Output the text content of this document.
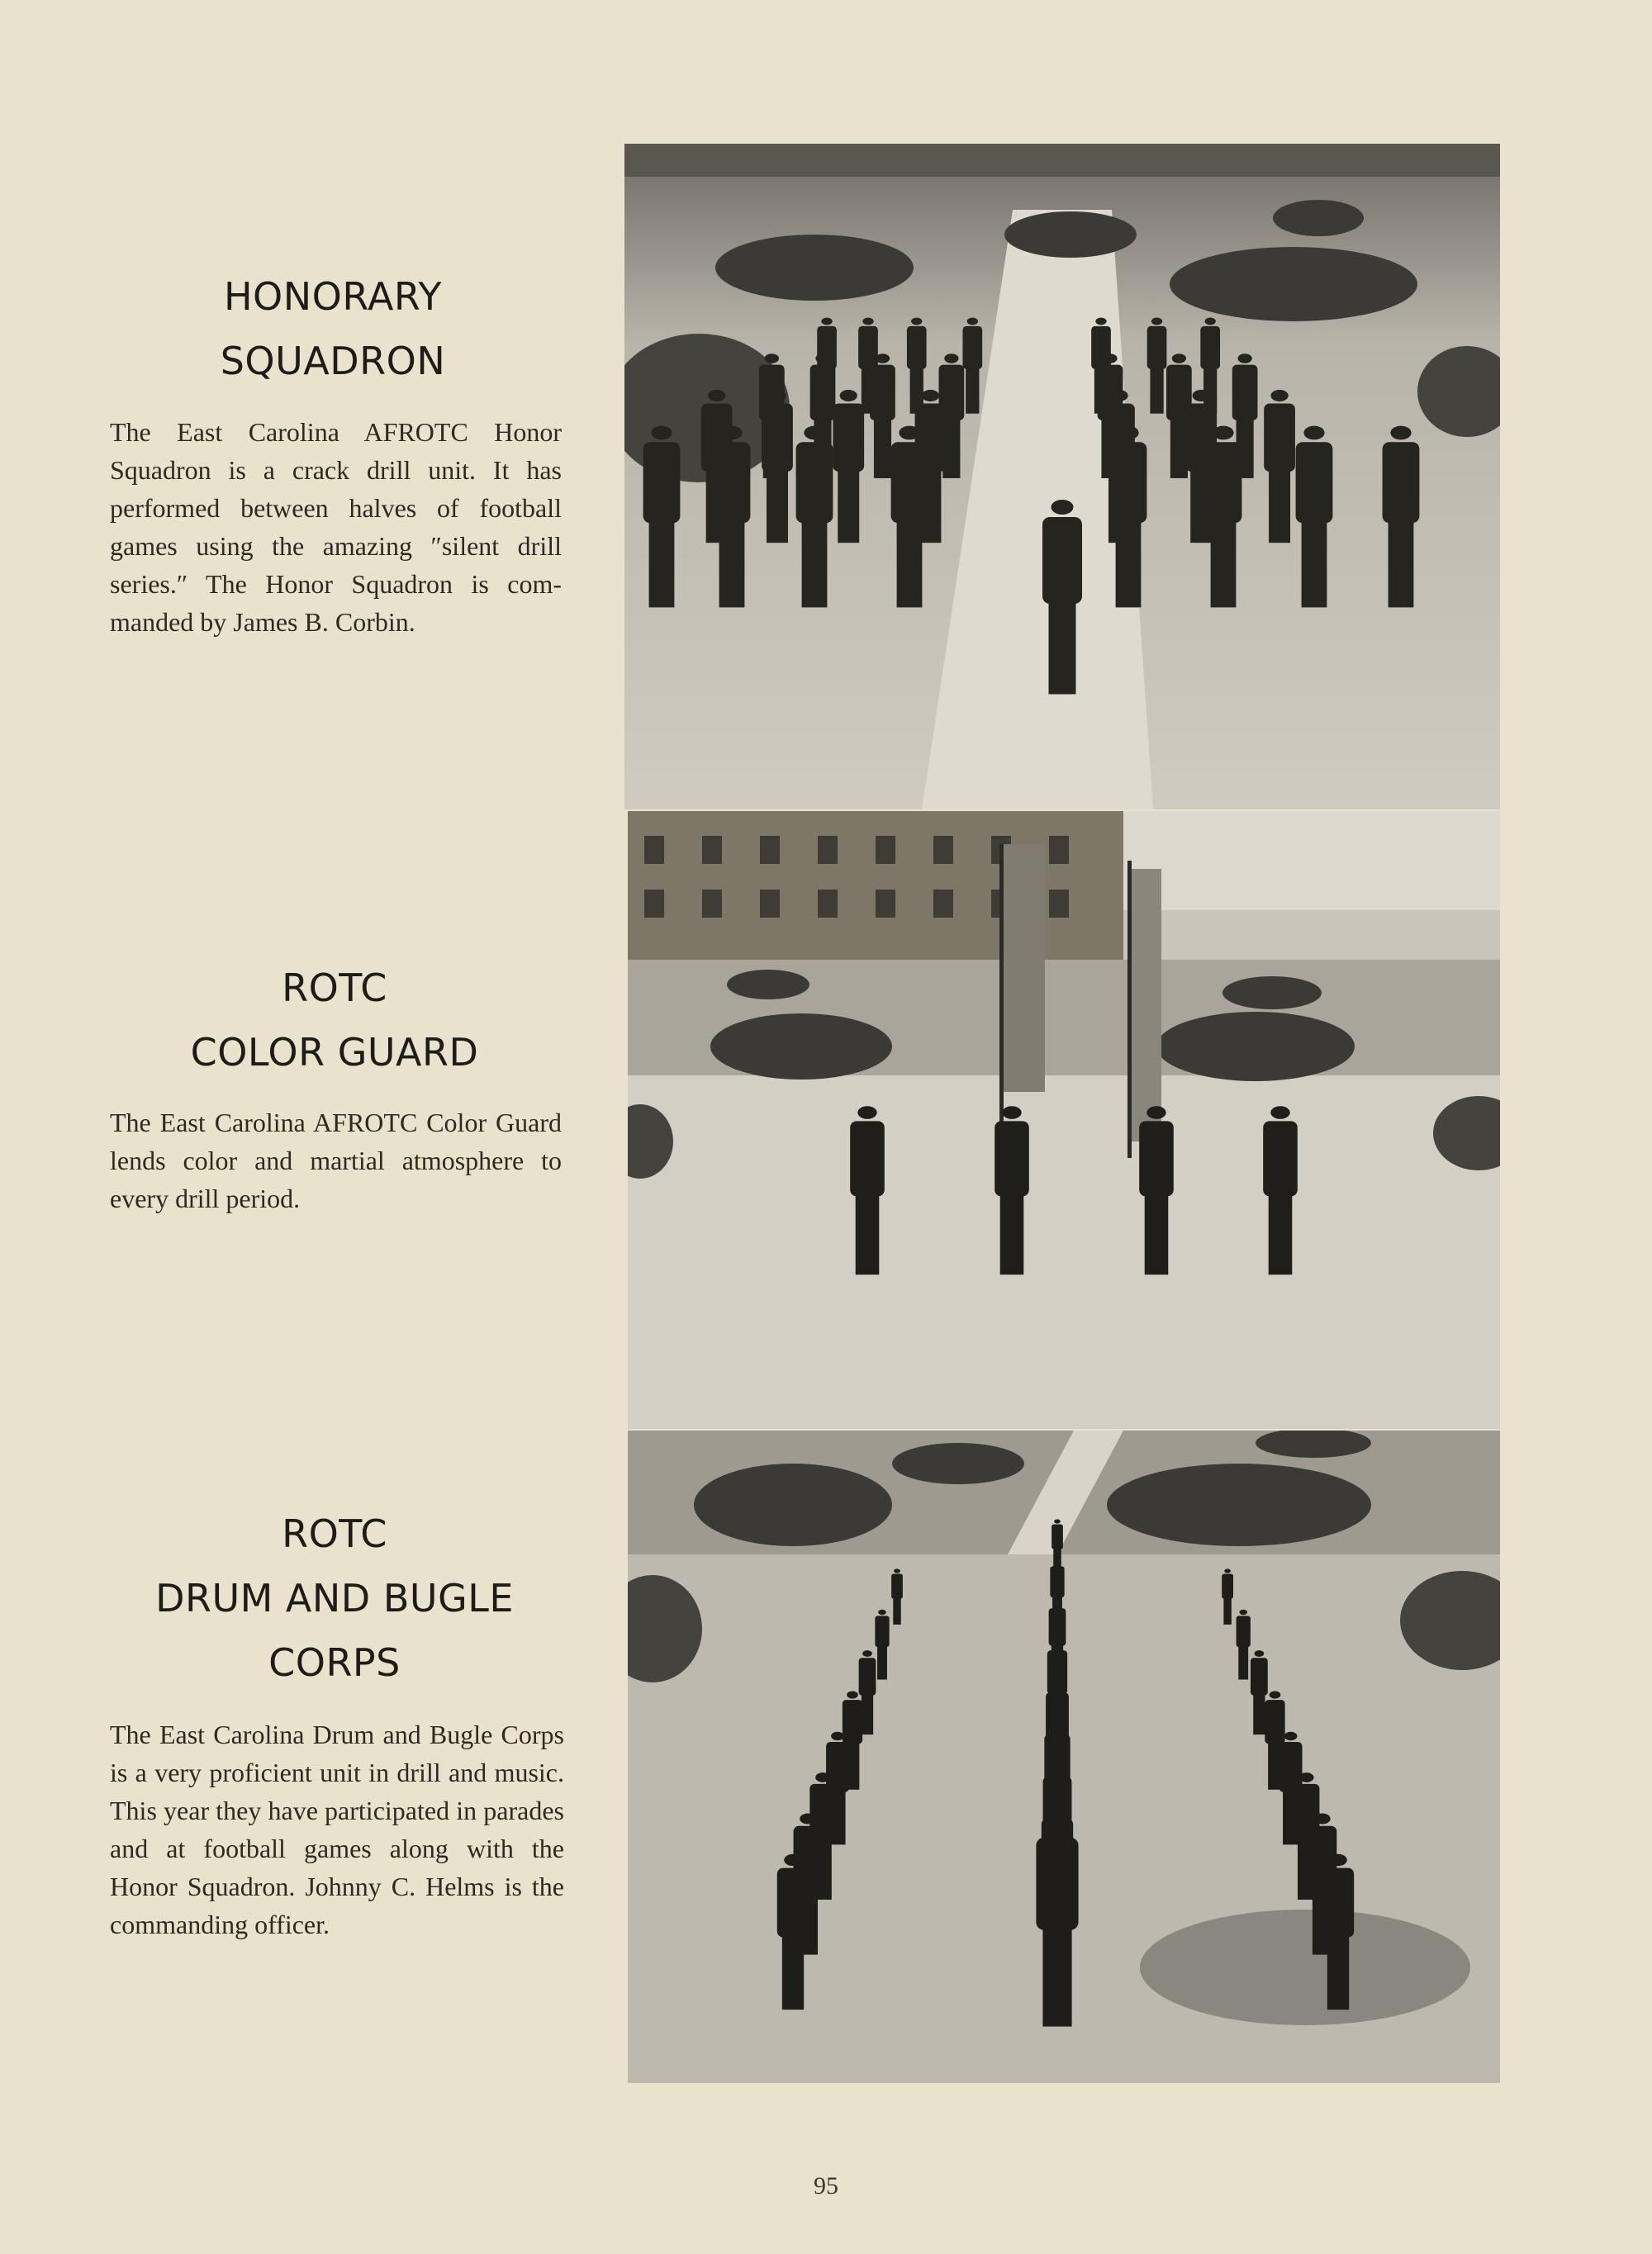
HONORARY
SQUADRON
The East Carolina AFROTC Honor Squadron is a crack drill unit. It has performed between halves of football games using the amazing ″silent drill series.″ The Honor Squadron is commanded by James B. Corbin.
ROTC
COLOR GUARD
The East Carolina AFROTC Color Guard lends color and martial atmosphere to every drill period.
ROTC
DRUM AND BUGLE
CORPS
The East Carolina Drum and Bugle Corps is a very proficient unit in drill and music. This year they have participated in parades and at football games along with the Honor Squadron. Johnny C. Helms is the commanding officer.
95
